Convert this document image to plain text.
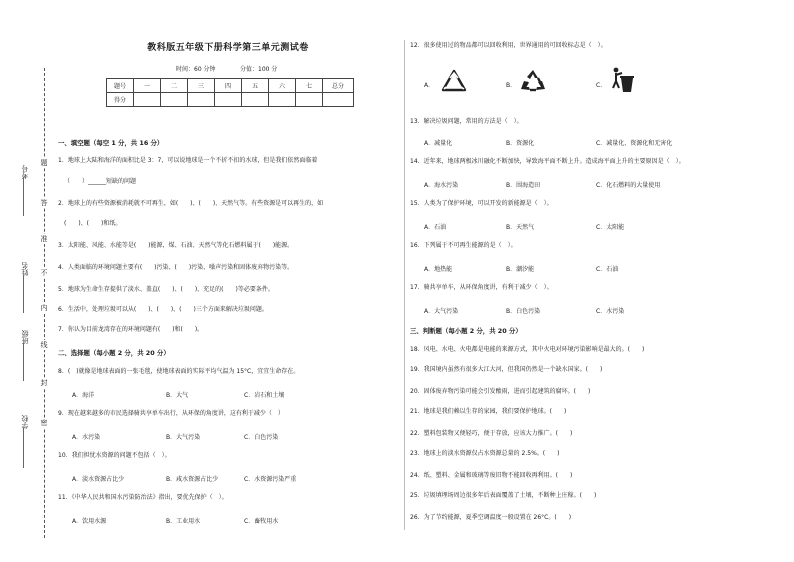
考号
姓名
班级
学校
题
答
准
不
内
线
封
密
教科版五年级下册科学第三单元测试卷
时间：60 分钟	分值：100 分
题号	一	二	三	四	五	六	七	总分
得分								
一、填空题（每空 1 分，共 16 分）
1．地球上大陆和海洋的面积比是 3：7，可以说地球是一个不折不扣的水球，但是我们依然面临着
（　　）______短缺的问题
2．地球上的有些资源被消耗就不可再生，如(　　)、(　　)、天然气等。有些资源是可以再生的，如
(　　)、(　　)和纸。
3．太阳能、风能、水能等是(　　)能源，煤、石油、天然气等化石燃料属于(　　)能源。
4．人类面临的环境问题主要有(　　)污染、(　　)污染、噪声污染和固体废弃物污染等。
5．地球为生命生存提供了淡水、盖直(　　)、(　　)、充足的(　　)等必要条件。
6．生活中，处理垃圾可以从(　　)、(　　)、(　　)三个方面来解决垃圾问题。
7．你认为目前龙湾存在的环境问题有(　　)和(　　)。
二、选择题（每小题 2 分，共 20 分）
8．(　)就像是地球表面的一张毛毯，使地球表面的实际平均气温为 15°C，宜宜生命存在。
A．海洋	B．大气	C．岩石和土壤
9．现在越来越多的市民选择骑共享单车出行，从环保的角度讲，这有利于减少（　）
A．水污染	B．大气污染	C．白色污染
10．我们担忧水资源的问题不包括（　）。
A．淡水资源占比少	B．咸水资源占比少	C．水资源污染严重
11．《中华人民共和国水污染防治法》指出，要优先保护（　）。
A．饮用水源	B．工业用水	C．畜牧用水
12．很多使用过的物品都可以回收利用，世界通用的可回收标志是（　）。
A．	B．	C．
13．解决垃圾问题，常用的方法是（　）。
A．减量化	B．资源化	C．减量化、资源化和无害化
14．近年来，地球两极冰川融化不断加快，导致海平面不断上升。造成海平面上升的主要原因是（　）。
A．海水污染	B．围海造田	C．化石燃料的大量使用
15．人类为了保护环境，可以开发的新能源是（　）。
A．石油	B．天然气	C．太阳能
16．下列属于不可再生能源的是（　）。
A．地热能	B．潮汐能	C．石油
17．骑共享单车，从环保角度讲，有利于减少（　）。
A．大气污染	B．白色污染	C．水污染
三、判断题（每小题 2 分，共 20 分）
18．风电、水电、火电都是电能的来源方式，其中火电对环境污染影响是最大的。(　　)
19．我国境内虽然有很多大江大河，但我国仍然是一个缺水国家。(　　)
20．固体废弃物污染可能会引发酸雨，进而引起建筑的腐坏。(　　)
21．地球是我们赖以生存的家园，我们要保护地球。(　　)
22．塑料包装物又便轻巧，便于存放，应该大力推广。(　　)
23．地球上的淡水资源仅占水资源总量的 2.5%。(　　)
24．纸、塑料、金属和玻璃等废旧物不能回收再利用。(　　)
25．垃圾填埋场周边很多年后表面覆盖了土壤，不断种上庄稼。(　　)
26．为了节约能源，夏季空调温度一般设置在 26°C。(　　)
